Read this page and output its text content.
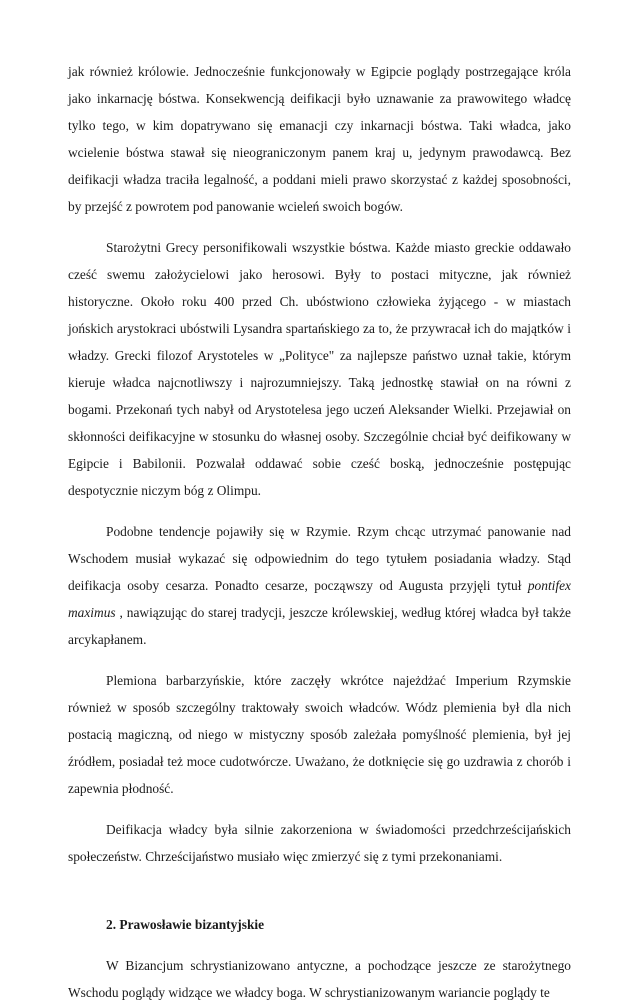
jak również królowie. Jednocześnie funkcjonowały w Egipcie poglądy postrzegające króla jako inkarnację bóstwa. Konsekwencją deifikacji było uznawanie za prawowitego władcę tylko tego, w kim dopatrywano się emanacji czy inkarnacji bóstwa. Taki władca, jako wcielenie bóstwa stawał się nieograniczonym panem kraj u, jedynym prawodawcą. Bez deifikacji władza traciła legalność, a poddani mieli prawo skorzystać z każdej sposobności, by przejść z powrotem pod panowanie wcieleń swoich bogów.

Starożytni Grecy personifikowali wszystkie bóstwa. Każde miasto greckie oddawało cześć swemu założycielowi jako herosowi. Były to postaci mityczne, jak również historyczne. Około roku 400 przed Ch. ubóstwiono człowieka żyjącego - w miastach jońskich arystokraci ubóstwili Lysandra spartańskiego za to, że przywracał ich do majątków i władzy. Grecki filozof Arystoteles w „Polityce" za najlepsze państwo uznał takie, którym kieruje władca najcnotliwszy i najrozumniejszy. Taką jednostkę stawiał on na równi z bogami. Przekonań tych nabył od Arystotelesa jego uczeń Aleksander Wielki. Przejawiał on skłonności deifikacyjne w stosunku do własnej osoby. Szczególnie chciał być deifikowany w Egipcie i Babilonii. Pozwalał oddawać sobie cześć boską, jednocześnie postępując despotycznie niczym bóg z Olimpu.

Podobne tendencje pojawiły się w Rzymie. Rzym chcąc utrzymać panowanie nad Wschodem musiał wykazać się odpowiednim do tego tytułem posiadania władzy. Stąd deifikacja osoby cesarza. Ponadto cesarze, począwszy od Augusta przyjęli tytuł pontifex maximus , nawiązując do starej tradycji, jeszcze królewskiej, według której władca był także arcykapłanem.

Plemiona barbarzyńskie, które zaczęły wkrótce najeżdżać Imperium Rzymskie również w sposób szczególny traktowały swoich władców. Wódz plemienia był dla nich postacią magiczną, od niego w mistyczny sposób zależała pomyślność plemienia, był jej źródłem, posiadał też moce cudotwórcze. Uważano, że dotknięcie się go uzdrawia z chorób i zapewnia płodność.

Deifikacja władcy była silnie zakorzeniona w świadomości przedchrześcijańskich społeczeństw. Chrześcijaństwo musiało więc zmierzyć się z tymi przekonaniami.

2. Prawosławie bizantyjskie

W Bizancjum schrystianizowano antyczne, a pochodzące jeszcze ze starożytnego Wschodu poglądy widzące we władcy boga. W schrystianizowanym wariancie poglądy te
